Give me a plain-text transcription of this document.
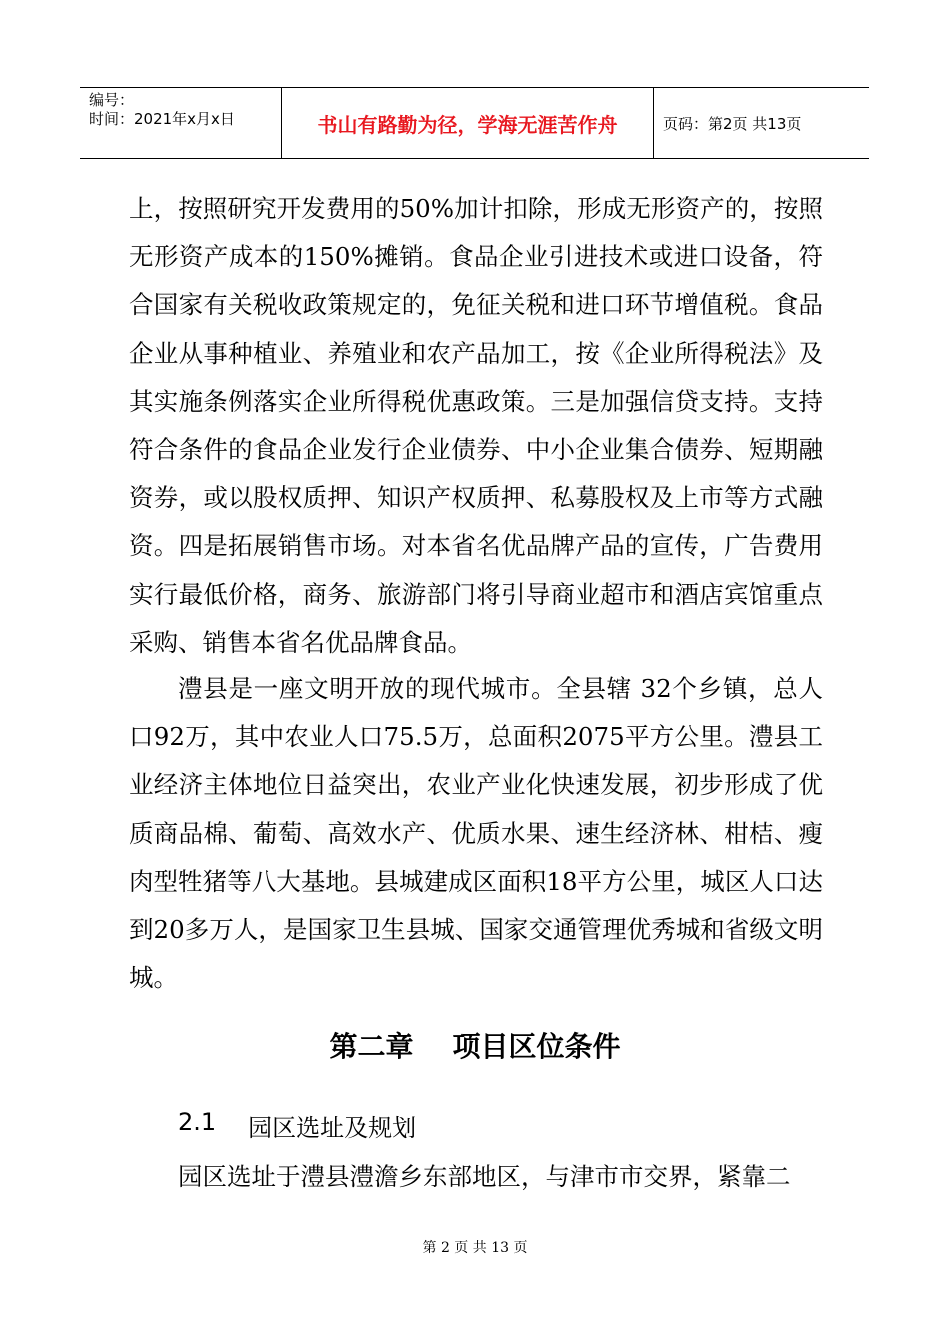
编号：
时间：2021年x月x日	书山有路勤为径，学海无涯苦作舟	页码：第2页 共13页

上，按照研究开发费用的50%加计扣除，形成无形资产的，按照无形资产成本的150%摊销。食品企业引进技术或进口设备，符合国家有关税收政策规定的，免征关税和进口环节增值税。食品企业从事种植业、养殖业和农产品加工，按《企业所得税法》及其实施条例落实企业所得税优惠政策。三是加强信贷支持。支持符合条件的食品企业发行企业债券、中小企业集合债券、短期融资券，或以股权质押、知识产权质押、私募股权及上市等方式融资。四是拓展销售市场。对本省名优品牌产品的宣传，广告费用实行最低价格，商务、旅游部门将引导商业超市和酒店宾馆重点采购、销售本省名优品牌食品。

澧县是一座文明开放的现代城市。全县辖 32个乡镇，总人口92万，其中农业人口75.5万，总面积2075平方公里。澧县工业经济主体地位日益突出，农业产业化快速发展，初步形成了优质商品棉、葡萄、高效水产、优质水果、速生经济林、柑桔、瘦肉型牲猪等八大基地。县城建成区面积18平方公里，城区人口达到20多万人，是国家卫生县城、国家交通管理优秀城和省级文明城。

第二章    项目区位条件
2.1 园区选址及规划

园区选址于澧县澧澹乡东部地区，与津市市交界，紧靠二

第 2 页 共 13 页
